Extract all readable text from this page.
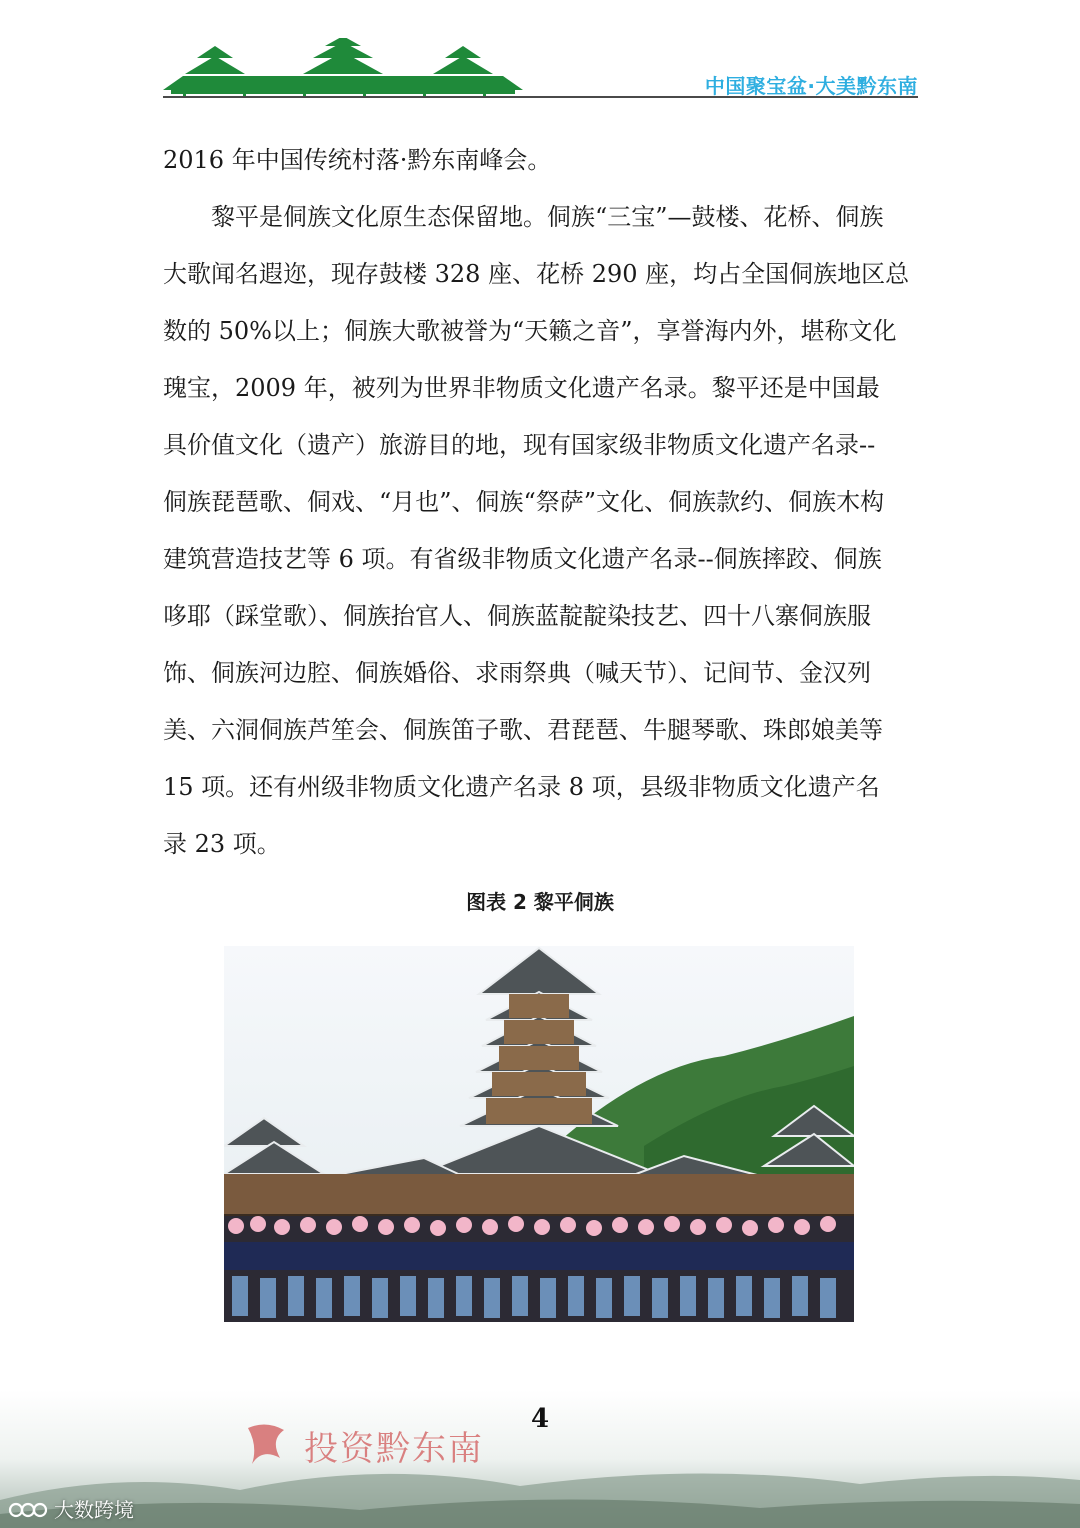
中国聚宝盆·大美黔东南
2016 年中国传统村落·黔东南峰会。
黎平是侗族文化原生态保留地。侗族“三宝”—鼓楼、花桥、侗族
大歌闻名遐迩，现存鼓楼 328 座、花桥 290 座，均占全国侗族地区总
数的 50%以上；侗族大歌被誉为“天籁之音”，享誉海内外，堪称文化
瑰宝，2009 年，被列为世界非物质文化遗产名录。黎平还是中国最
具价值文化（遗产）旅游目的地，现有国家级非物质文化遗产名录--
侗族琵琶歌、侗戏、“月也”、侗族“祭萨”文化、侗族款约、侗族木构
建筑营造技艺等 6 项。有省级非物质文化遗产名录--侗族摔跤、侗族
哆耶（踩堂歌）、侗族抬官人、侗族蓝靛靛染技艺、四十八寨侗族服
饰、侗族河边腔、侗族婚俗、求雨祭典（喊天节）、记间节、金汉列
美、六洞侗族芦笙会、侗族笛子歌、君琵琶、牛腿琴歌、珠郎娘美等
15 项。还有州级非物质文化遗产名录 8 项，县级非物质文化遗产名
录 23 项。
图表 2 黎平侗族
4
投资黔东南
大数跨境
